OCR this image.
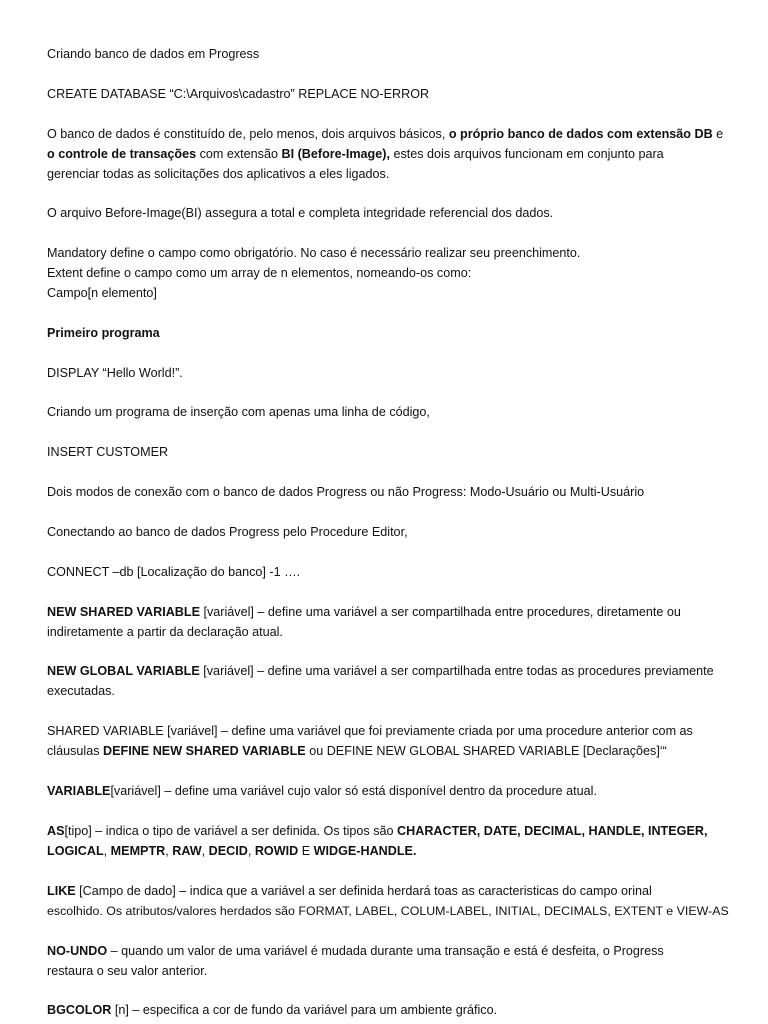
Criando banco de dados em Progress
CREATE DATABASE “C:\Arquivos\cadastro” REPLACE NO-ERROR
O banco de dados é constituído de, pelo menos, dois arquivos básicos, o próprio banco de dados com extensão DB e
o controle de transações com extensão BI (Before-Image), estes dois arquivos funcionam em conjunto para
gerenciar todas as solicitações dos aplicativos a eles ligados.
O arquivo Before-Image(BI) assegura a total e completa integridade referencial dos dados.
Mandatory define o campo como obrigatório. No caso é necessário realizar seu preenchimento.
Extent define o campo como um array de n elementos, nomeando-os como:
Campo[n elemento]
Primeiro programa
DISPLAY “Hello World!”.
Criando um programa de inserção com apenas uma linha de código,
INSERT CUSTOMER
Dois modos de conexão com o banco de dados Progress ou não Progress: Modo-Usuário ou Multi-Usuário
Conectando ao banco de dados Progress pelo Procedure Editor,
CONNECT –db [Localização do banco] -1 ….
NEW SHARED VARIABLE [variável] – define uma variável a ser compartilhada entre procedures, diretamente ou
indiretamente a partir da declaração atual.
NEW GLOBAL VARIABLE [variável] – define uma variável a ser compartilhada entre todas as procedures previamente
executadas.
SHARED VARIABLE [variável] – define uma variável que foi previamente criada por uma procedure anterior com as
cláusulas DEFINE NEW SHARED VARIABLE ou DEFINE NEW GLOBAL SHARED VARIABLE [Declarações]‘“
VARIABLE[variável] – define uma variável cujo valor só está disponível dentro da procedure atual.
AS[tipo] – indica o tipo de variável a ser definida. Os tipos são CHARACTER, DATE, DECIMAL, HANDLE, INTEGER,
LOGICAL, MEMPTR, RAW, DECID, ROWID E WIDGE-HANDLE.
LIKE [Campo de dado] – indica que a variável a ser definida herdará toas as caracteristicas do campo orinal
escolhido. Os atributos/valores herdados são FORMAT, LABEL, COLUM-LABEL, INITIAL, DECIMALS, EXTENT e VIEW-AS
NO-UNDO – quando um valor de uma variável é mudada durante uma transação e está é desfeita, o Progress
restaura o seu valor anterior.
BGCOLOR [n] – especifica a cor de fundo da variável para um ambiente gráfico.
